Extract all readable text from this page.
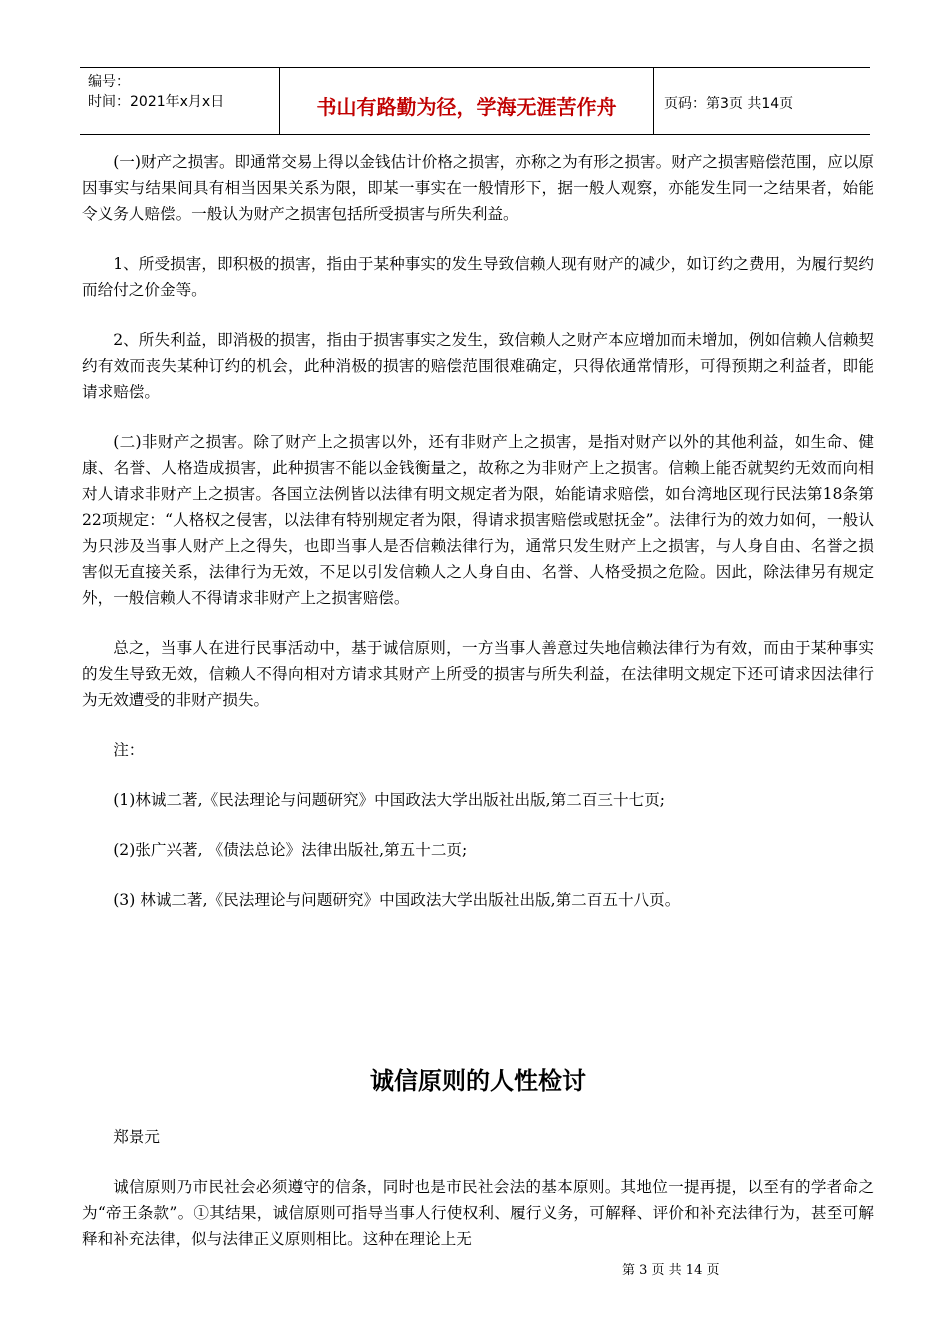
编号：
时间：2021年x月x日	书山有路勤为径，学海无涯苦作舟	页码：第3页 共14页

(一)财产之损害。即通常交易上得以金钱估计价格之损害，亦称之为有形之损害。财产之损害赔偿范围，应以原因事实与结果间具有相当因果关系为限，即某一事实在一般情形下，据一般人观察，亦能发生同一之结果者，始能令义务人赔偿。一般认为财产之损害包括所受损害与所失利益。

1、所受损害，即积极的损害，指由于某种事实的发生导致信赖人现有财产的减少，如订约之费用，为履行契约而给付之价金等。

2、所失利益，即消极的损害，指由于损害事实之发生，致信赖人之财产本应增加而未增加，例如信赖人信赖契约有效而丧失某种订约的机会，此种消极的损害的赔偿范围很难确定，只得依通常情形，可得预期之利益者，即能请求赔偿。

(二)非财产之损害。除了财产上之损害以外，还有非财产上之损害，是指对财产以外的其他利益，如生命、健康、名誉、人格造成损害，此种损害不能以金钱衡量之，故称之为非财产上之损害。信赖上能否就契约无效而向相对人请求非财产上之损害。各国立法例皆以法律有明文规定者为限，始能请求赔偿，如台湾地区现行民法第18条第22项规定：“人格权之侵害，以法律有特别规定者为限，得请求损害赔偿或慰抚金”。法律行为的效力如何，一般认为只涉及当事人财产上之得失，也即当事人是否信赖法律行为，通常只发生财产上之损害，与人身自由、名誉之损害似无直接关系，法律行为无效，不足以引发信赖人之人身自由、名誉、人格受损之危险。因此，除法律另有规定外，一般信赖人不得请求非财产上之损害赔偿。

总之，当事人在进行民事活动中，基于诚信原则，一方当事人善意过失地信赖法律行为有效，而由于某种事实的发生导致无效，信赖人不得向相对方请求其财产上所受的损害与所失利益，在法律明文规定下还可请求因法律行为无效遭受的非财产损失。

注：

(1)林诚二著,《民法理论与问题研究》中国政法大学出版社出版,第二百三十七页;

(2)张广兴著, 《债法总论》法律出版社,第五十二页;

(3) 林诚二著,《民法理论与问题研究》中国政法大学出版社出版,第二百五十八页。

诚信原则的人性检讨

郑景元

诚信原则乃市民社会必须遵守的信条，同时也是市民社会法的基本原则。其地位一提再提，以至有的学者命之为“帝王条款”。①其结果，诚信原则可指导当事人行使权利、履行义务，可解释、评价和补充法律行为，甚至可解释和补充法律，似与法律正义原则相比。这种在理论上无

第 3 页 共 14 页
